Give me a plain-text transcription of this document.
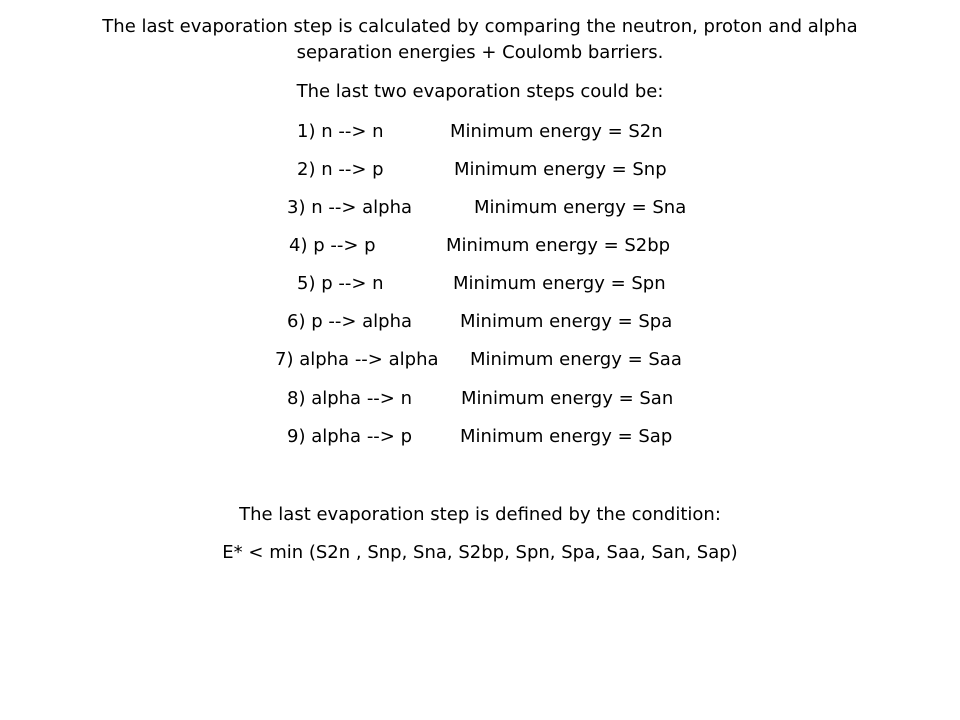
The last evaporation step is calculated by comparing the neutron, proton and alpha
separation energies + Coulomb barriers.
The last two evaporation steps could be:
1) n --> n	Minimum energy = S2n
2) n --> p	Minimum energy = Snp
3) n --> alpha	Minimum energy = Sna
4) p --> p	Minimum energy = S2bp
5) p --> n	Minimum energy = Spn
6) p --> alpha	Minimum energy = Spa
7) alpha --> alpha Minimum energy = Saa
8) alpha --> n	Minimum energy = San
9) alpha --> p	Minimum energy = Sap
The last evaporation step is defined by the condition:
E* < min (S2n , Snp, Sna, S2bp, Spn, Spa, Saa, San, Sap)
